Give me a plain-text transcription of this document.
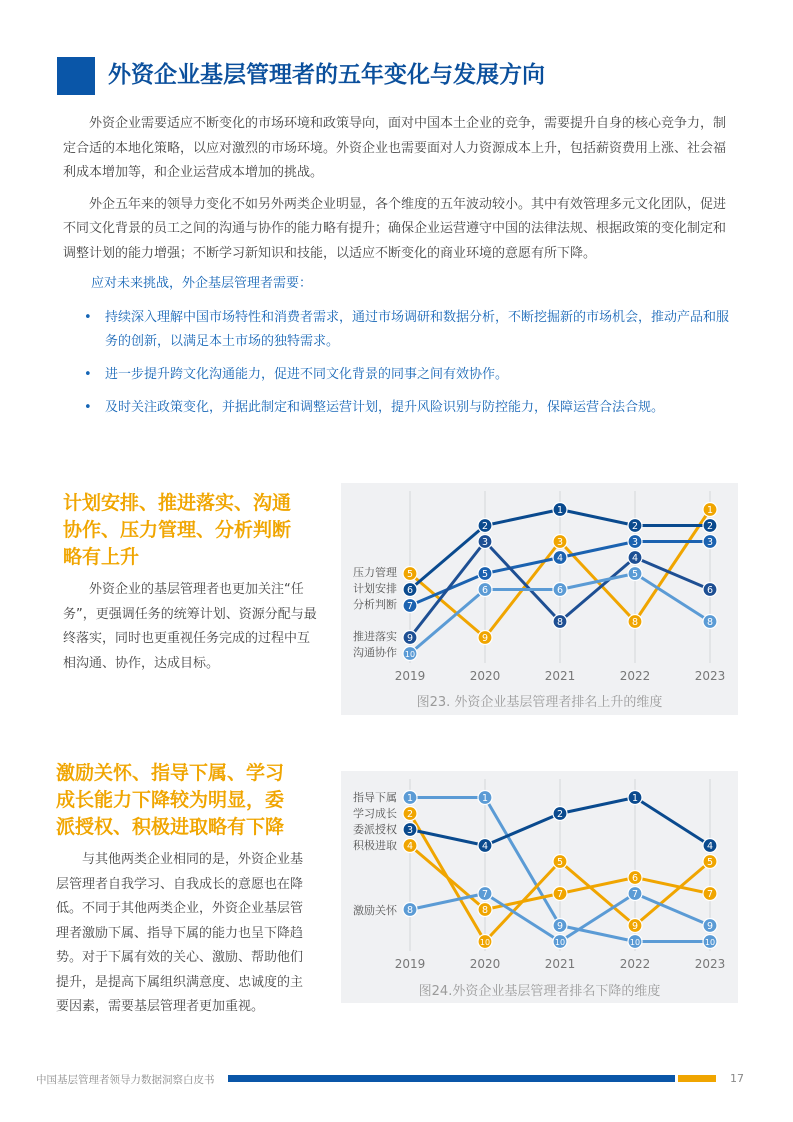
外资企业基层管理者的五年变化与发展方向

外资企业需要适应不断变化的市场环境和政策导向，面对中国本土企业的竞争，需要提升自身的核心竞争力，制定合适的本地化策略，以应对激烈的市场环境。外资企业也需要面对人力资源成本上升，包括薪资费用上涨、社会福利成本增加等，和企业运营成本增加的挑战。

外企五年来的领导力变化不如另外两类企业明显，各个维度的五年波动较小。其中有效管理多元文化团队，促进不同文化背景的员工之间的沟通与协作的能力略有提升；确保企业运营遵守中国的法律法规、根据政策的变化制定和调整计划的能力增强；不断学习新知识和技能，以适应不断变化的商业环境的意愿有所下降。

应对未来挑战，外企基层管理者需要：
• 持续深入理解中国市场特性和消费者需求，通过市场调研和数据分析，不断挖掘新的市场机会，推动产品和服务的创新，以满足本土市场的独特需求。
• 进一步提升跨文化沟通能力，促进不同文化背景的同事之间有效协作。
• 及时关注政策变化，并据此制定和调整运营计划，提升风险识别与防控能力，保障运营合法合规。
计划安排、推进落实、沟通
协作、压力管理、分析判断
略有上升

外资企业的基层管理者也更加关注“任务”，更强调任务的统筹计划、资源分配与最终落实，同时也更重视任务完成的过程中互相沟通、协作，达成目标。

2019	2020	2021	2022	2023
5
9
3
8
1
6
2
1
2	2
7
5
4
3	3
9
3
8
4
6
10
6	6
5
8
压力管理
计划安排
分析判断
推进落实
沟通协作
图23. 外资企业基层管理者排名上升的维度
激励关怀、指导下属、学习
成长能力下降较为明显，委
派授权、积极进取略有下降

与其他两类企业相同的是，外资企业基层管理者自我学习、自我成长的意愿也在降低。不同于其他两类企业，外资企业基层管理者激励下属、指导下属的能力也呈下降趋势。对于下属有效的关心、激励、帮助他们提升，是提高下属组织满意度、忠诚度的主要因素，需要基层管理者更加重视。

2019	2020	2021	2022	2023
1	1
9
10	10
2
10
5
9
5
3
4
2
1
4
4
8
7
6
7
8
7
10
7
9
指导下属
学习成长
委派授权
积极进取
激励关怀
图24.外资企业基层管理者排名下降的维度
中国基层管理者领导力数据洞察白皮书	17
